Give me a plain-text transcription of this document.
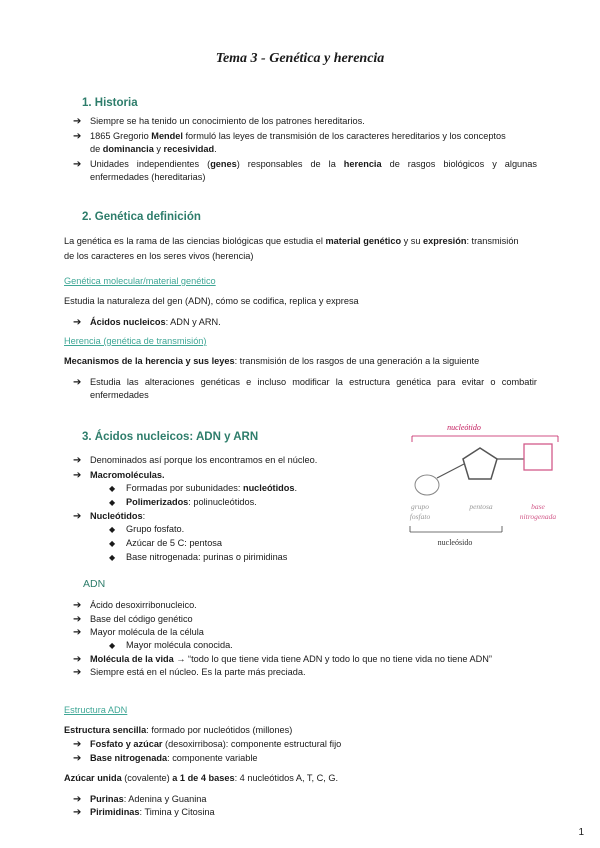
Tema 3 - Genética y herencia
1. Historia
➔ Siempre se ha tenido un conocimiento de los patrones hereditarios.
➔ 1865 Gregorio Mendel formuló las leyes de transmisión de los caracteres hereditarios y los conceptos
de dominancia y recesividad.
➔ Unidades independientes (genes) responsables de la herencia de rasgos biológicos y algunas enfermedades (hereditarias)
2. Genética definición
La genética es la rama de las ciencias biológicas que estudia el material genético y su expresión: transmisión
de los caracteres en los seres vivos (herencia)
Genética molecular/material genético
Estudia la naturaleza del gen (ADN), cómo se codifica, replica y expresa
➔ Ácidos nucleicos: ADN y ARN.
Herencia (genética de transmisión)
Mecanismos de la herencia y sus leyes: transmisión de los rasgos de una generación a la siguiente
➔ Estudia las alteraciones genéticas e incluso modificar la estructura genética para evitar o combatir enfermedades
3. Ácidos nucleicos: ADN y ARN
➔ Denominados así porque los encontramos en el núcleo.
➔ Macromoléculas.
◆ Formadas por subunidades: nucleótidos.
◆ Polimerizados: polinucleótidos.
➔ Nucleótidos:
◆ Grupo fosfato.
◆ Azúcar de 5 C: pentosa
◆ Base nitrogenada: purinas o pirimidinas
nucleótido
grupo
fosfato
pentosa	base
nitrogenada
nucleósido
ADN
➔ Ácido desoxirribonucleico.
➔ Base del código genético
➔ Mayor molécula de la célula
◆ Mayor molécula conocida.
➔ Molécula de la vida → “todo lo que tiene vida tiene ADN y todo lo que no tiene vida no tiene ADN”
➔ Siempre está en el núcleo. Es la parte más preciada.
Estructura ADN
Estructura sencilla: formado por nucleótidos (millones)
➔ Fosfato y azúcar (desoxirribosa): componente estructural fijo
➔ Base nitrogenada: componente variable
Azúcar unida (covalente) a 1 de 4 bases: 4 nucleótidos A, T, C, G.
➔ Purinas: Adenina y Guanina
➔ Pirimidinas: Timina y Citosina
1
